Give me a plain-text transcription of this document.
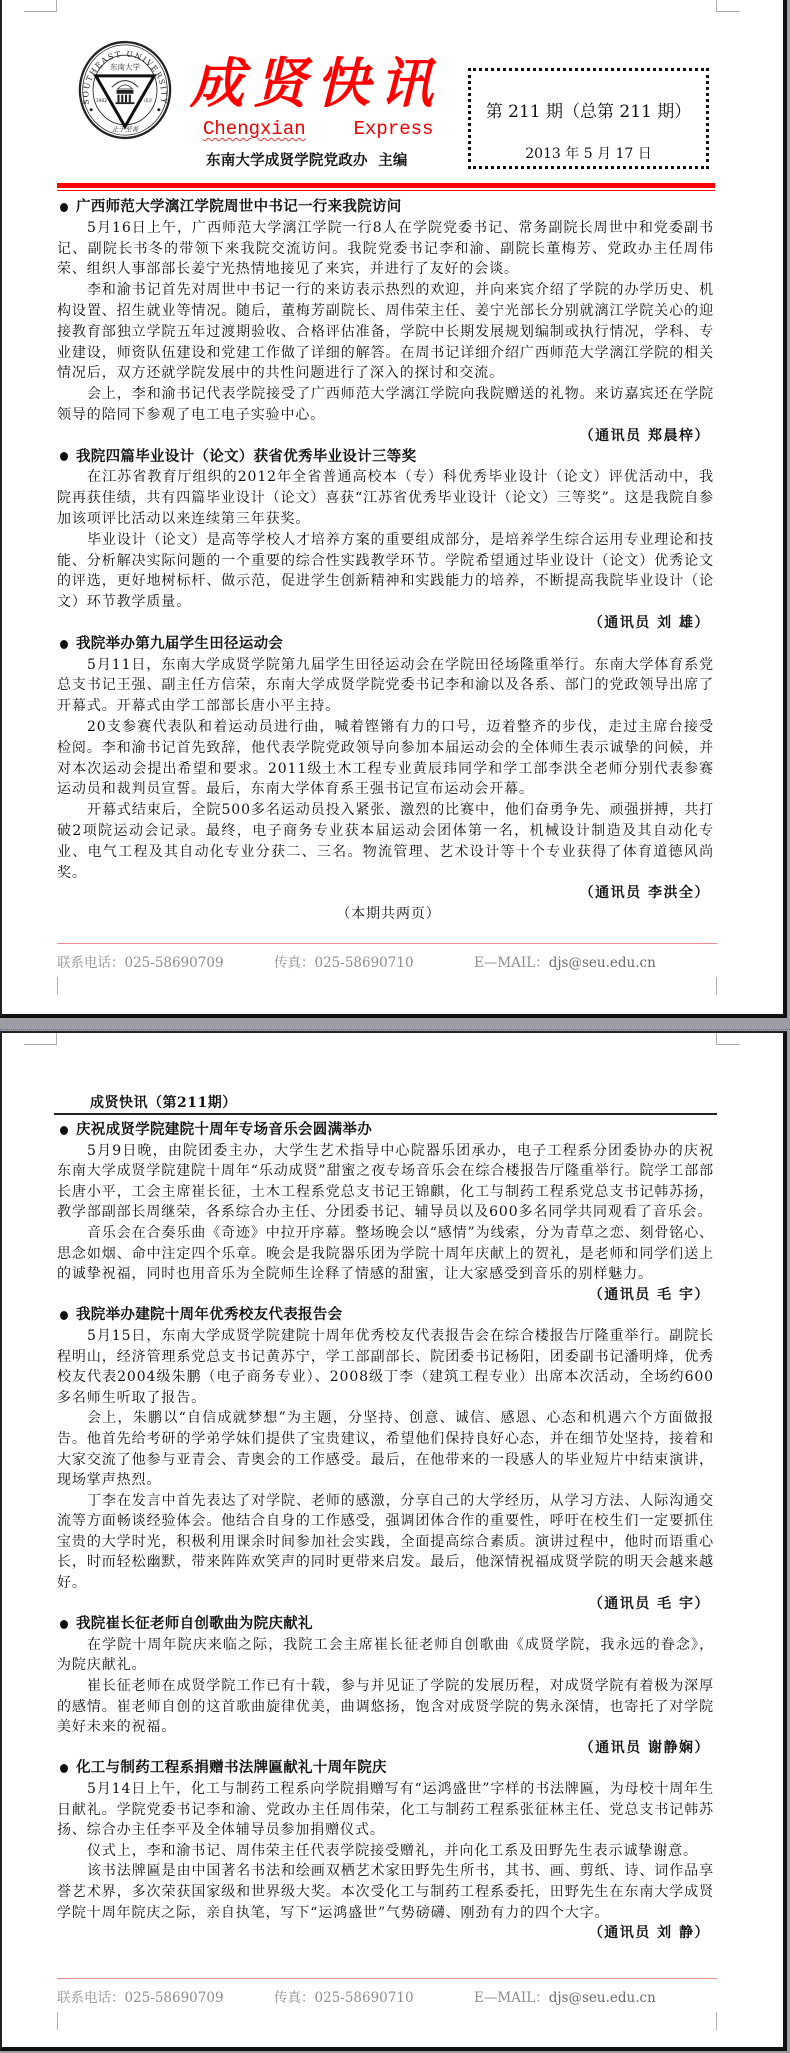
SOUTHEAST UNIVERSITY
东南大学
1902	南京
止于至善
成贤快讯
Chengxian	Express
东南大学成贤学院党政办  主编
第 211 期（总第 211 期）
2013 年 5 月 17 日
广西师范大学漓江学院周世中书记一行来我院访问

5月16日上午，广西师范大学漓江学院一行8人在学院党委书记、常务副院长周世中和党委副书记、副院长书冬的带领下来我院交流访问。我院党委书记李和渝、副院长董梅芳、党政办主任周伟荣、组织人事部部长姜宁光热情地接见了来宾，并进行了友好的会谈。

李和渝书记首先对周世中书记一行的来访表示热烈的欢迎，并向来宾介绍了学院的办学历史、机构设置、招生就业等情况。随后，董梅芳副院长、周伟荣主任、姜宁光部长分别就漓江学院关心的迎接教育部独立学院五年过渡期验收、合格评估准备，学院中长期发展规划编制或执行情况，学科、专业建设，师资队伍建设和党建工作做了详细的解答。在周书记详细介绍广西师范大学漓江学院的相关情况后，双方还就学院发展中的共性问题进行了深入的探讨和交流。

会上，李和渝书记代表学院接受了广西师范大学漓江学院向我院赠送的礼物。来访嘉宾还在学院领导的陪同下参观了电工电子实验中心。

（通讯员 郑晨梓）
我院四篇毕业设计（论文）获省优秀毕业设计三等奖

在江苏省教育厅组织的2012年全省普通高校本（专）科优秀毕业设计（论文）评优活动中，我院再获佳绩，共有四篇毕业设计（论文）喜获“江苏省优秀毕业设计（论文）三等奖”。这是我院自参加该项评比活动以来连续第三年获奖。

毕业设计（论文）是高等学校人才培养方案的重要组成部分，是培养学生综合运用专业理论和技能、分析解决实际问题的一个重要的综合性实践教学环节。学院希望通过毕业设计（论文）优秀论文的评选，更好地树标杆、做示范，促进学生创新精神和实践能力的培养，不断提高我院毕业设计（论文）环节教学质量。

（通讯员 刘 雄）
我院举办第九届学生田径运动会

5月11日，东南大学成贤学院第九届学生田径运动会在学院田径场隆重举行。东南大学体育系党总支书记王强、副主任方信荣，东南大学成贤学院党委书记李和渝以及各系、部门的党政领导出席了开幕式。开幕式由学工部部长唐小平主持。

20支参赛代表队和着运动员进行曲，喊着铿锵有力的口号，迈着整齐的步伐，走过主席台接受检阅。李和渝书记首先致辞，他代表学院党政领导向参加本届运动会的全体师生表示诚挚的问候，并对本次运动会提出希望和要求。2011级土木工程专业黄辰玮同学和学工部李洪全老师分别代表参赛运动员和裁判员宣誓。最后，东南大学体育系王强书记宣布运动会开幕。

开幕式结束后，全院500多名运动员投入紧张、激烈的比赛中，他们奋勇争先、顽强拼搏，共打破2项院运动会记录。最终，电子商务专业获本届运动会团体第一名，机械设计制造及其自动化专业、电气工程及其自动化专业分获二、三名。物流管理、艺术设计等十个专业获得了体育道德风尚奖。

（通讯员 李洪全）
（本期共两页）
联系电话：025-58690709	传真：025-58690710	E—MAIL：djs@seu.edu.cn
成贤快讯（第211期）
庆祝成贤学院建院十周年专场音乐会圆满举办

5月9日晚，由院团委主办，大学生艺术指导中心院器乐团承办，电子工程系分团委协办的庆祝东南大学成贤学院建院十周年“乐动成贤”甜蜜之夜专场音乐会在综合楼报告厅隆重举行。院学工部部长唐小平，工会主席崔长征，土木工程系党总支书记王锦麒，化工与制药工程系党总支书记韩苏扬，教学部副部长周继荣，各系综合办主任、分团委书记、辅导员以及600多名同学共同观看了音乐会。

音乐会在合奏乐曲《奇迹》中拉开序幕。整场晚会以“感情”为线索，分为青草之恋、刻骨铭心、思念如烟、命中注定四个乐章。晚会是我院器乐团为学院十周年庆献上的贺礼，是老师和同学们送上的诚挚祝福，同时也用音乐为全院师生诠释了情感的甜蜜，让大家感受到音乐的别样魅力。

（通讯员 毛 宇）
我院举办建院十周年优秀校友代表报告会

5月15日，东南大学成贤学院建院十周年优秀校友代表报告会在综合楼报告厅隆重举行。副院长程明山，经济管理系党总支书记黄苏宁，学工部副部长、院团委书记杨阳，团委副书记潘明烽，优秀校友代表2004级朱鹏（电子商务专业）、2008级丁李（建筑工程专业）出席本次活动，全场约600多名师生听取了报告。

会上，朱鹏以“自信成就梦想”为主题，分坚持、创意、诚信、感恩、心态和机遇六个方面做报告。他首先给考研的学弟学妹们提供了宝贵建议，希望他们保持良好心态，并在细节处坚持，接着和大家交流了他参与亚青会、青奥会的工作感受。最后，在他带来的一段感人的毕业短片中结束演讲，现场掌声热烈。

丁李在发言中首先表达了对学院、老师的感激，分享自己的大学经历，从学习方法、人际沟通交流等方面畅谈经验体会。他结合自身的工作感受，强调团体合作的重要性，呼吁在校生们一定要抓住宝贵的大学时光，积极利用课余时间参加社会实践，全面提高综合素质。演讲过程中，他时而语重心长，时而轻松幽默，带来阵阵欢笑声的同时更带来启发。最后，他深情祝福成贤学院的明天会越来越好。

（通讯员 毛 宇）
我院崔长征老师自创歌曲为院庆献礼

在学院十周年院庆来临之际，我院工会主席崔长征老师自创歌曲《成贤学院，我永远的眷念》，为院庆献礼。

崔长征老师在成贤学院工作已有十载，参与并见证了学院的发展历程，对成贤学院有着极为深厚的感情。崔老师自创的这首歌曲旋律优美，曲调悠扬，饱含对成贤学院的隽永深情，也寄托了对学院美好未来的祝福。

（通讯员 谢静娴）
化工与制药工程系捐赠书法牌匾献礼十周年院庆

5月14日上午，化工与制药工程系向学院捐赠写有“运鸿盛世”字样的书法牌匾，为母校十周年生日献礼。学院党委书记李和渝、党政办主任周伟荣，化工与制药工程系张征林主任、党总支书记韩苏扬、综合办主任李平及全体辅导员参加捐赠仪式。

仪式上，李和渝书记、周伟荣主任代表学院接受赠礼，并向化工系及田野先生表示诚挚谢意。

该书法牌匾是由中国著名书法和绘画双栖艺术家田野先生所书，其书、画、剪纸、诗、词作品享誉艺术界，多次荣获国家级和世界级大奖。本次受化工与制药工程系委托，田野先生在东南大学成贤学院十周年院庆之际，亲自执笔，写下“运鸿盛世”气势磅礴、刚劲有力的四个大字。

（通讯员 刘 静）
联系电话：025-58690709	传真：025-58690710	E—MAIL：djs@seu.edu.cn
